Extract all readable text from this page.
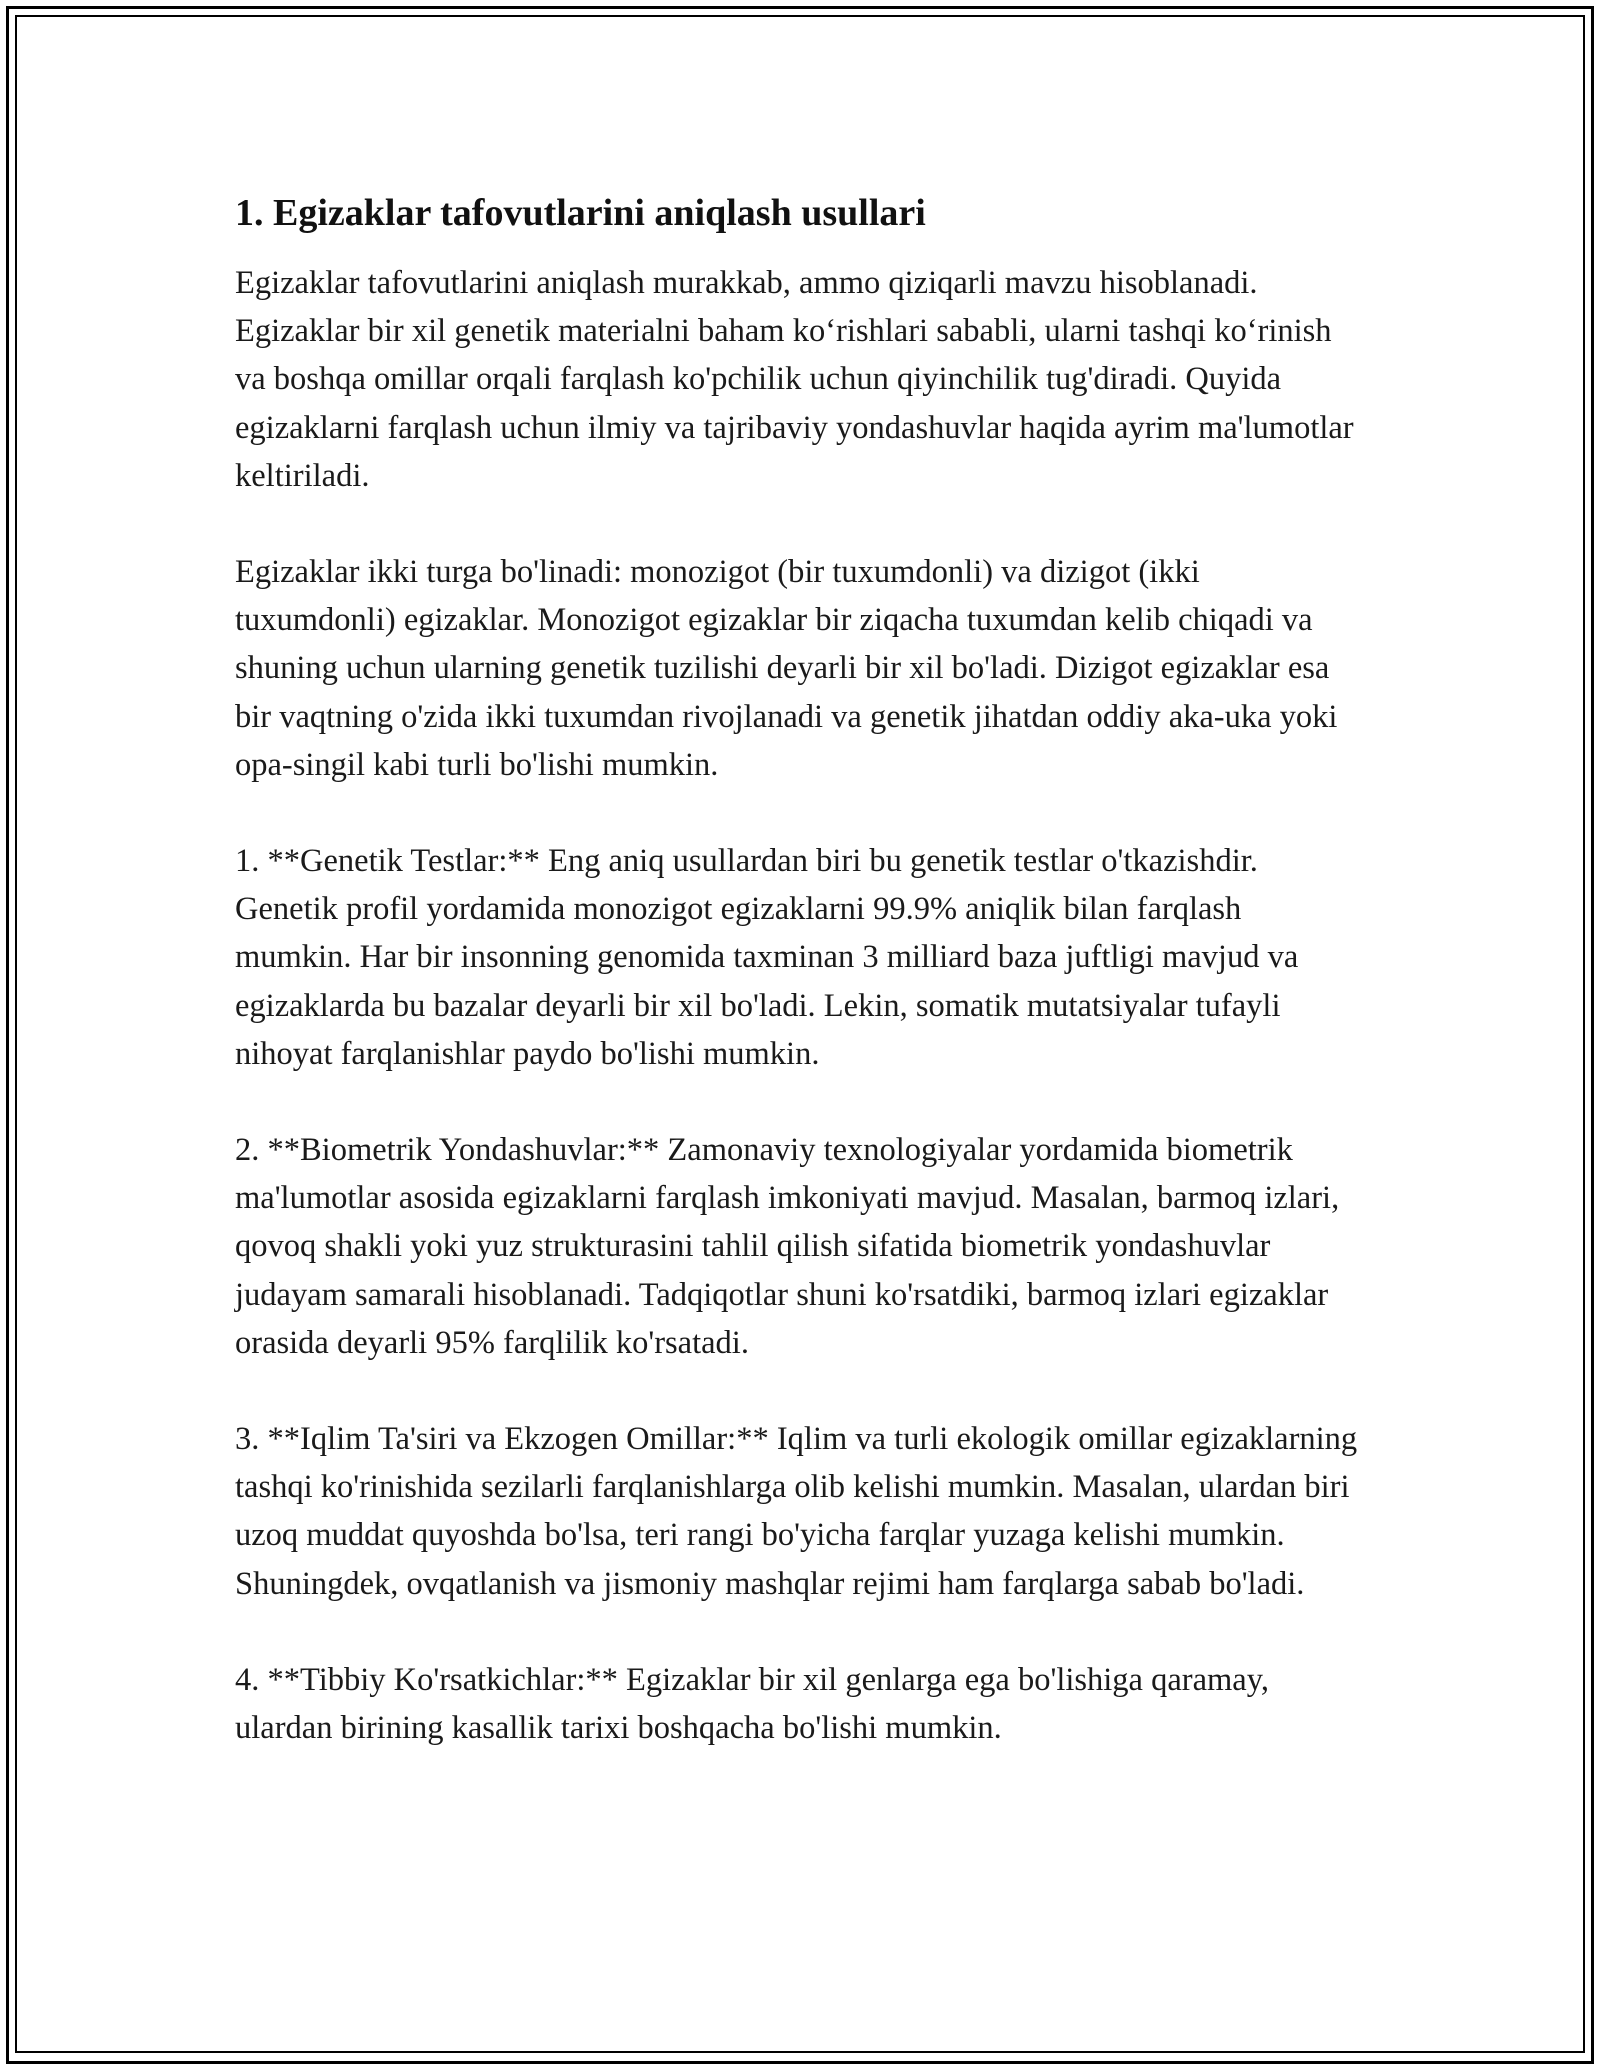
1. Egizaklar tafovutlarini aniqlash usullari

Egizaklar tafovutlarini aniqlash murakkab, ammo qiziqarli mavzu hisoblanadi. Egizaklar bir xil genetik materialni baham ko‘rishlari sababli, ularni tashqi ko‘rinish va boshqa omillar orqali farqlash ko'pchilik uchun qiyinchilik tug'diradi. Quyida egizaklarni farqlash uchun ilmiy va tajribaviy yondashuvlar haqida ayrim ma'lumotlar keltiriladi.

Egizaklar ikki turga bo'linadi: monozigot (bir tuxumdonli) va dizigot (ikki tuxumdonli) egizaklar. Monozigot egizaklar bir ziqacha tuxumdan kelib chiqadi va shuning uchun ularning genetik tuzilishi deyarli bir xil bo'ladi. Dizigot egizaklar esa bir vaqtning o'zida ikki tuxumdan rivojlanadi va genetik jihatdan oddiy aka-uka yoki opa-singil kabi turli bo'lishi mumkin.

1. **Genetik Testlar:** Eng aniq usullardan biri bu genetik testlar o'tkazishdir. Genetik profil yordamida monozigot egizaklarni 99.9% aniqlik bilan farqlash mumkin. Har bir insonning genomida taxminan 3 milliard baza juftligi mavjud va egizaklarda bu bazalar deyarli bir xil bo'ladi. Lekin, somatik mutatsiyalar tufayli nihoyat farqlanishlar paydo bo'lishi mumkin.

2. **Biometrik Yondashuvlar:** Zamonaviy texnologiyalar yordamida biometrik ma'lumotlar asosida egizaklarni farqlash imkoniyati mavjud. Masalan, barmoq izlari, qovoq shakli yoki yuz strukturasini tahlil qilish sifatida biometrik yondashuvlar judayam samarali hisoblanadi. Tadqiqotlar shuni ko'rsatdiki, barmoq izlari egizaklar orasida deyarli 95% farqlilik ko'rsatadi.

3. **Iqlim Ta'siri va Ekzogen Omillar:** Iqlim va turli ekologik omillar egizaklarning tashqi ko'rinishida sezilarli farqlanishlarga olib kelishi mumkin. Masalan, ulardan biri uzoq muddat quyoshda bo'lsa, teri rangi bo'yicha farqlar yuzaga kelishi mumkin. Shuningdek, ovqatlanish va jismoniy mashqlar rejimi ham farqlarga sabab bo'ladi.

4. **Tibbiy Ko'rsatkichlar:** Egizaklar bir xil genlarga ega bo'lishiga qaramay, ulardan birining kasallik tarixi boshqacha bo'lishi mumkin.
